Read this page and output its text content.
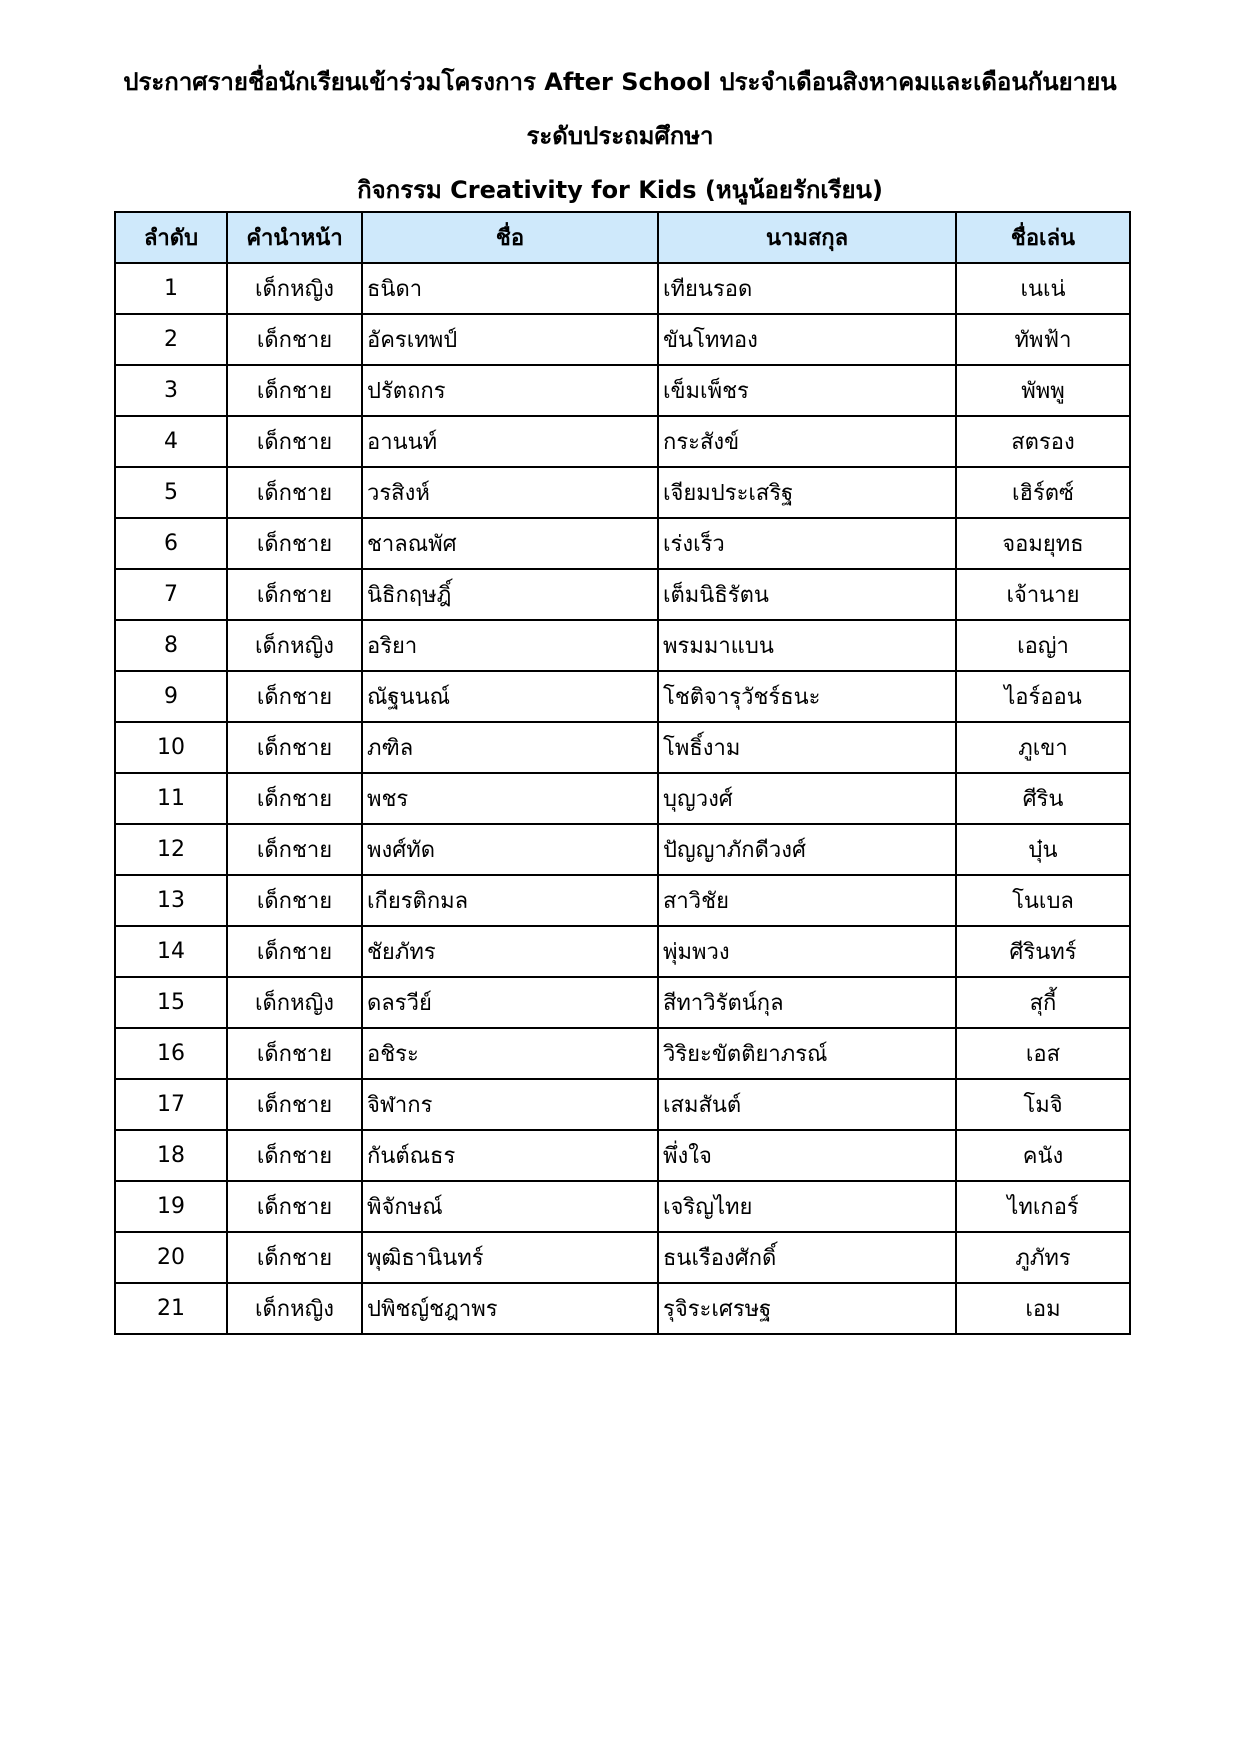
ประกาศรายชื่อนักเรียนเข้าร่วมโครงการ After School ประจำเดือนสิงหาคมและเดือนกันยายน
ระดับประถมศึกษา
กิจกรรม Creativity for Kids (หนูน้อยรักเรียน)
ลำดับ	คำนำหน้า	ชื่อ	นามสกุล	ชื่อเล่น
1	เด็กหญิง	ธนิดา	เทียนรอด	เนเน่
2	เด็กชาย	อัครเทพป์	ขันโททอง	ทัพฟ้า
3	เด็กชาย	ปรัตถกร	เข็มเพ็ชร	พัพพู
4	เด็กชาย	อานนท์	กระสังข์	สตรอง
5	เด็กชาย	วรสิงห์	เจียมประเสริฐ	เฮิร์ตซ์
6	เด็กชาย	ชาลณพัศ	เร่งเร็ว	จอมยุทธ
7	เด็กชาย	นิธิกฤษฎิ์	เต็มนิธิรัตน	เจ้านาย
8	เด็กหญิง	อริยา	พรมมาแบน	เอญ่า
9	เด็กชาย	ณัฐนนณ์	โชติจารุวัชร์ธนะ	ไอร์ออน
10	เด็กชาย	ภฑิล	โพธิ์งาม	ภูเขา
11	เด็กชาย	พชร	บุญวงศ์	ศีริน
12	เด็กชาย	พงศ์ทัด	ปัญญาภักดีวงศ์	บุ๋น
13	เด็กชาย	เกียรติกมล	สาวิชัย	โนเบล
14	เด็กชาย	ชัยภัทร	พุ่มพวง	ศีรินทร์
15	เด็กหญิง	ดลรวีย์	สีทาวิรัตน์กุล	สุกี้
16	เด็กชาย	อชิระ	วิริยะขัตติยาภรณ์	เอส
17	เด็กชาย	จิฬากร	เสมสันต์	โมจิ
18	เด็กชาย	กันต์ณธร	พึ่งใจ	คนัง
19	เด็กชาย	พิจักษณ์	เจริญไทย	ไทเกอร์
20	เด็กชาย	พุฒิธานินทร์	ธนเรืองศักดิ์	ภูภัทร
21	เด็กหญิง	ปพิชญ์ชฎาพร	รุจิระเศรษฐ	เอม
